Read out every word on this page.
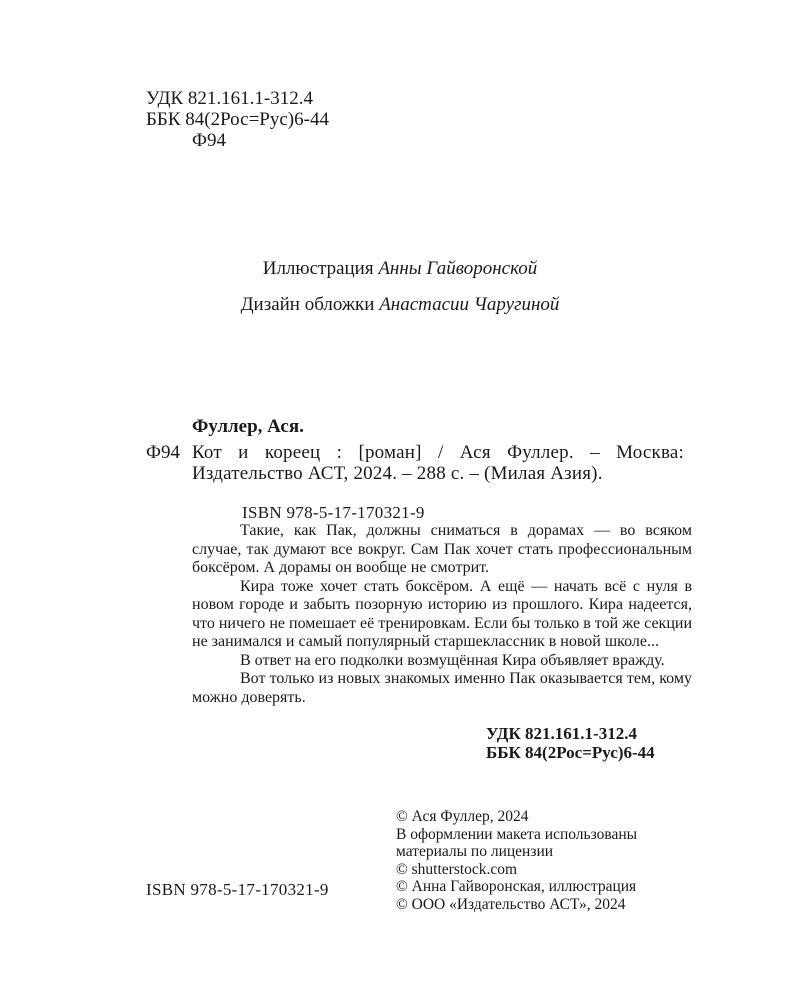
УДК 821.161.1-312.4
ББК 84(2Рос=Рус)6-44
Ф94
Иллюстрация Анны Гайворонской
Дизайн обложки Анастасии Чаругиной
Фуллер, Ася.
Ф94 Кот и кореец : [роман] / Ася Фуллер. – Москва: Издательство АСТ, 2024. – 288 с. – (Милая Азия).
ISBN 978-5-17-170321-9

Такие, как Пак, должны сниматься в дорамах — во всяком случае, так думают все вокруг. Сам Пак хочет стать профессиональным боксёром. А дорамы он вообще не смотрит.

Кира тоже хочет стать боксёром. А ещё — начать всё с нуля в новом городе и забыть позорную историю из прошлого. Кира надеется, что ничего не помешает её тренировкам. Если бы только в той же секции не занимался и самый популярный старшеклассник в новой школе...

В ответ на его подколки возмущённая Кира объявляет вражду.

Вот только из новых знакомых именно Пак оказывается тем, кому можно доверять.

УДК 821.161.1-312.4
ББК 84(2Рос=Рус)6-44
ISBN 978-5-17-170321-9
© Ася Фуллер, 2024
В оформлении макета использованы
материалы по лицензии
© shutterstock.com
© Анна Гайворонская, иллюстрация
© ООО «Издательство АСТ», 2024
